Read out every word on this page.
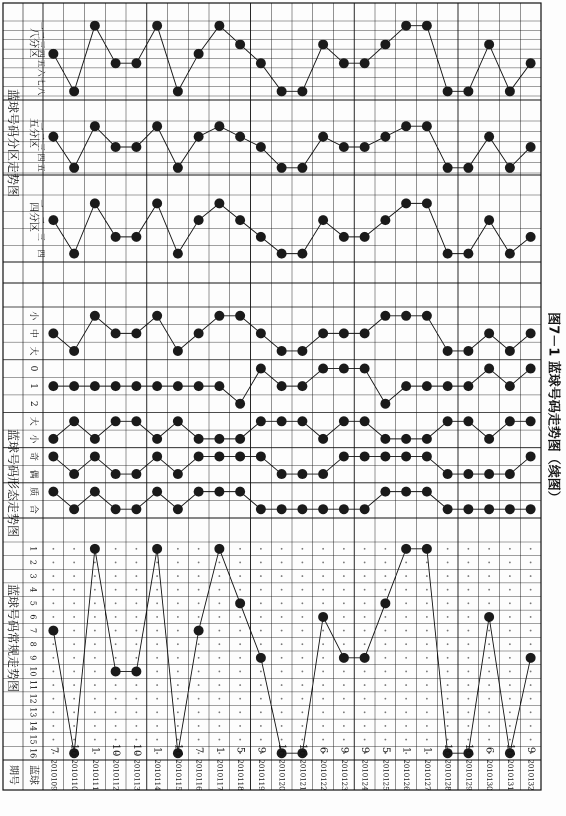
蓝球号码形态走势图
蓝球号码常规走势图
蓝球号码分区走势图
蓝球
期号
八分区
五分区
四分区
1
2
3
4
5
6
7
8
9
10
11
12
13
14
15
16
小
中
大
0
1
2
大
小
奇
偶
质
合
一
二
三
四
五
六
七
八
一
二
三
四
五
一
二
三
四
2010109
7
2010110
16
2010111
1
2010112
10
2010113
10
2010114
1
2010115
16
2010116
7
2010117
1
2010118
5
2010119
9
2010120
16
2010121
16
2010122
6
2010123
9
2010124
9
2010125
5
2010126
1
2010127
1
2010128
16
2010129
16
2010130
6
2010131
16
2010132
9
图7－1 蓝球号码走势图（续图）
